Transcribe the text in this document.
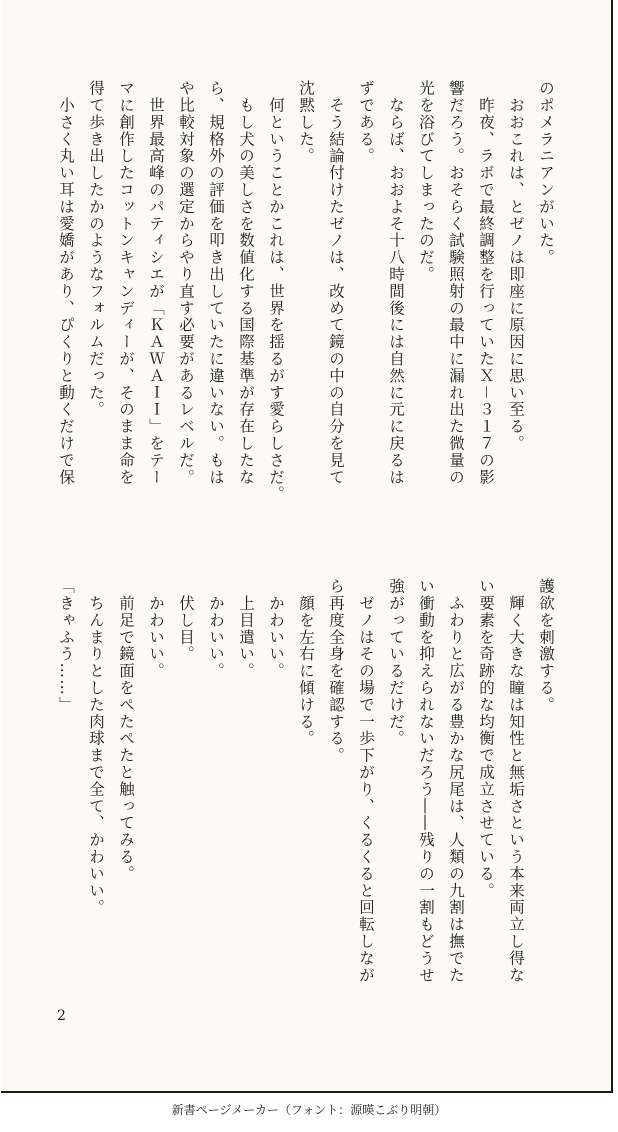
のポメラニアンがいた。
　おおこれは、とゼノは即座に原因に思い至る。
　昨夜、ラボで最終調整を行っていたＸ－３１７の影
響だろう。おそらく試験照射の最中に漏れ出た微量の
光を浴びてしまったのだ。
　ならば、おおよそ十八時間後には自然に元に戻るは
ずである。
　そう結論付けたゼノは、改めて鏡の中の自分を見て
沈黙した。
　何ということかこれは、世界を揺るがす愛らしさだ。
　もし犬の美しさを数値化する国際基準が存在したな
ら、規格外の評価を叩き出していたに違いない。もは
や比較対象の選定からやり直す必要があるレベルだ。
　世界最高峰のパティシエが「ＫＡＷＡＩＩ」をテー
マに創作したコットンキャンディーが、そのまま命を
得て歩き出したかのようなフォルムだった。
　小さく丸い耳は愛嬌があり、ぴくりと動くだけで保
護欲を刺激する。
　輝く大きな瞳は知性と無垢さという本来両立し得な
い要素を奇跡的な均衡で成立させている。
　ふわりと広がる豊かな尻尾は、人類の九割は撫でた
い衝動を抑えられないだろう――残りの一割もどうせ
強がっているだけだ。
　ゼノはその場で一歩下がり、くるくると回転しなが
ら再度全身を確認する。
　顔を左右に傾ける。
　かわいい。
　上目遣い。
　かわいい。
　伏し目。
　かわいい。
　前足で鏡面をぺたぺたと触ってみる。
　ちんまりとした肉球まで全て、かわいい。
「きゃふう……」
2
新書ページメーカー（フォント：源暎こぶり明朝）
